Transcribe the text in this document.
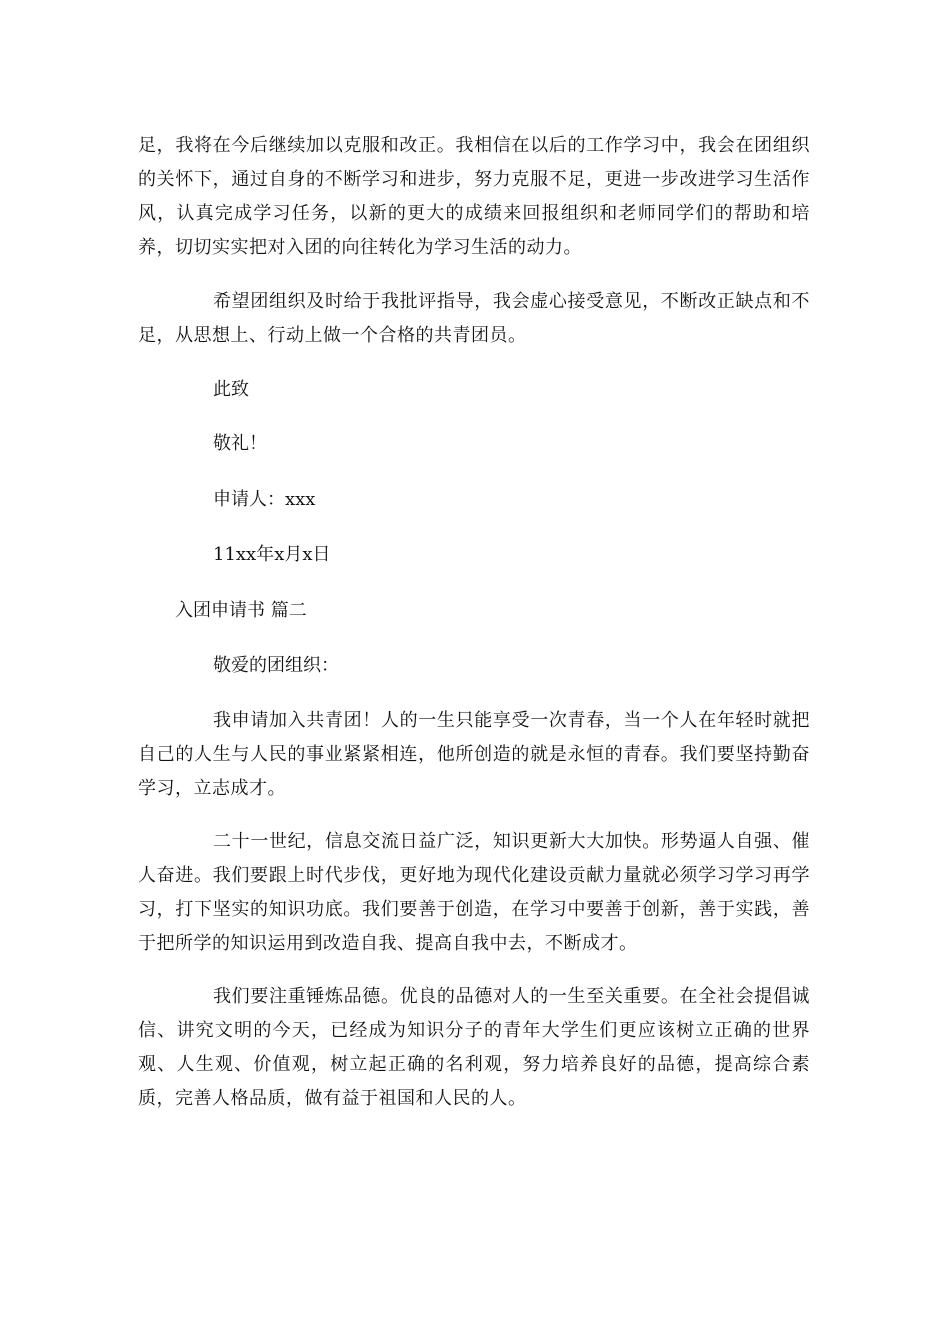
足，我将在今后继续加以克服和改正。我相信在以后的工作学习中，我会在团组织的关怀下，通过自身的不断学习和进步，努力克服不足，更进一步改进学习生活作风，认真完成学习任务，以新的更大的成绩来回报组织和老师同学们的帮助和培养，切切实实把对入团的向往转化为学习生活的动力。

希望团组织及时给于我批评指导，我会虚心接受意见，不断改正缺点和不足，从思想上、行动上做一个合格的共青团员。

此致

敬礼！

申请人：xxx

11xx年x月x日

入团申请书 篇二

敬爱的团组织：

我申请加入共青团！人的一生只能享受一次青春，当一个人在年轻时就把自己的人生与人民的事业紧紧相连，他所创造的就是永恒的青春。我们要坚持勤奋学习，立志成才。

二十一世纪，信息交流日益广泛，知识更新大大加快。形势逼人自强、催人奋进。我们要跟上时代步伐，更好地为现代化建设贡献力量就必须学习学习再学习，打下坚实的知识功底。我们要善于创造，在学习中要善于创新，善于实践，善于把所学的知识运用到改造自我、提高自我中去，不断成才。

我们要注重锤炼品德。优良的品德对人的一生至关重要。在全社会提倡诚信、讲究文明的今天，已经成为知识分子的青年大学生们更应该树立正确的世界观、人生观、价值观，树立起正确的名利观，努力培养良好的品德，提高综合素质，完善人格品质，做有益于祖国和人民的人。
